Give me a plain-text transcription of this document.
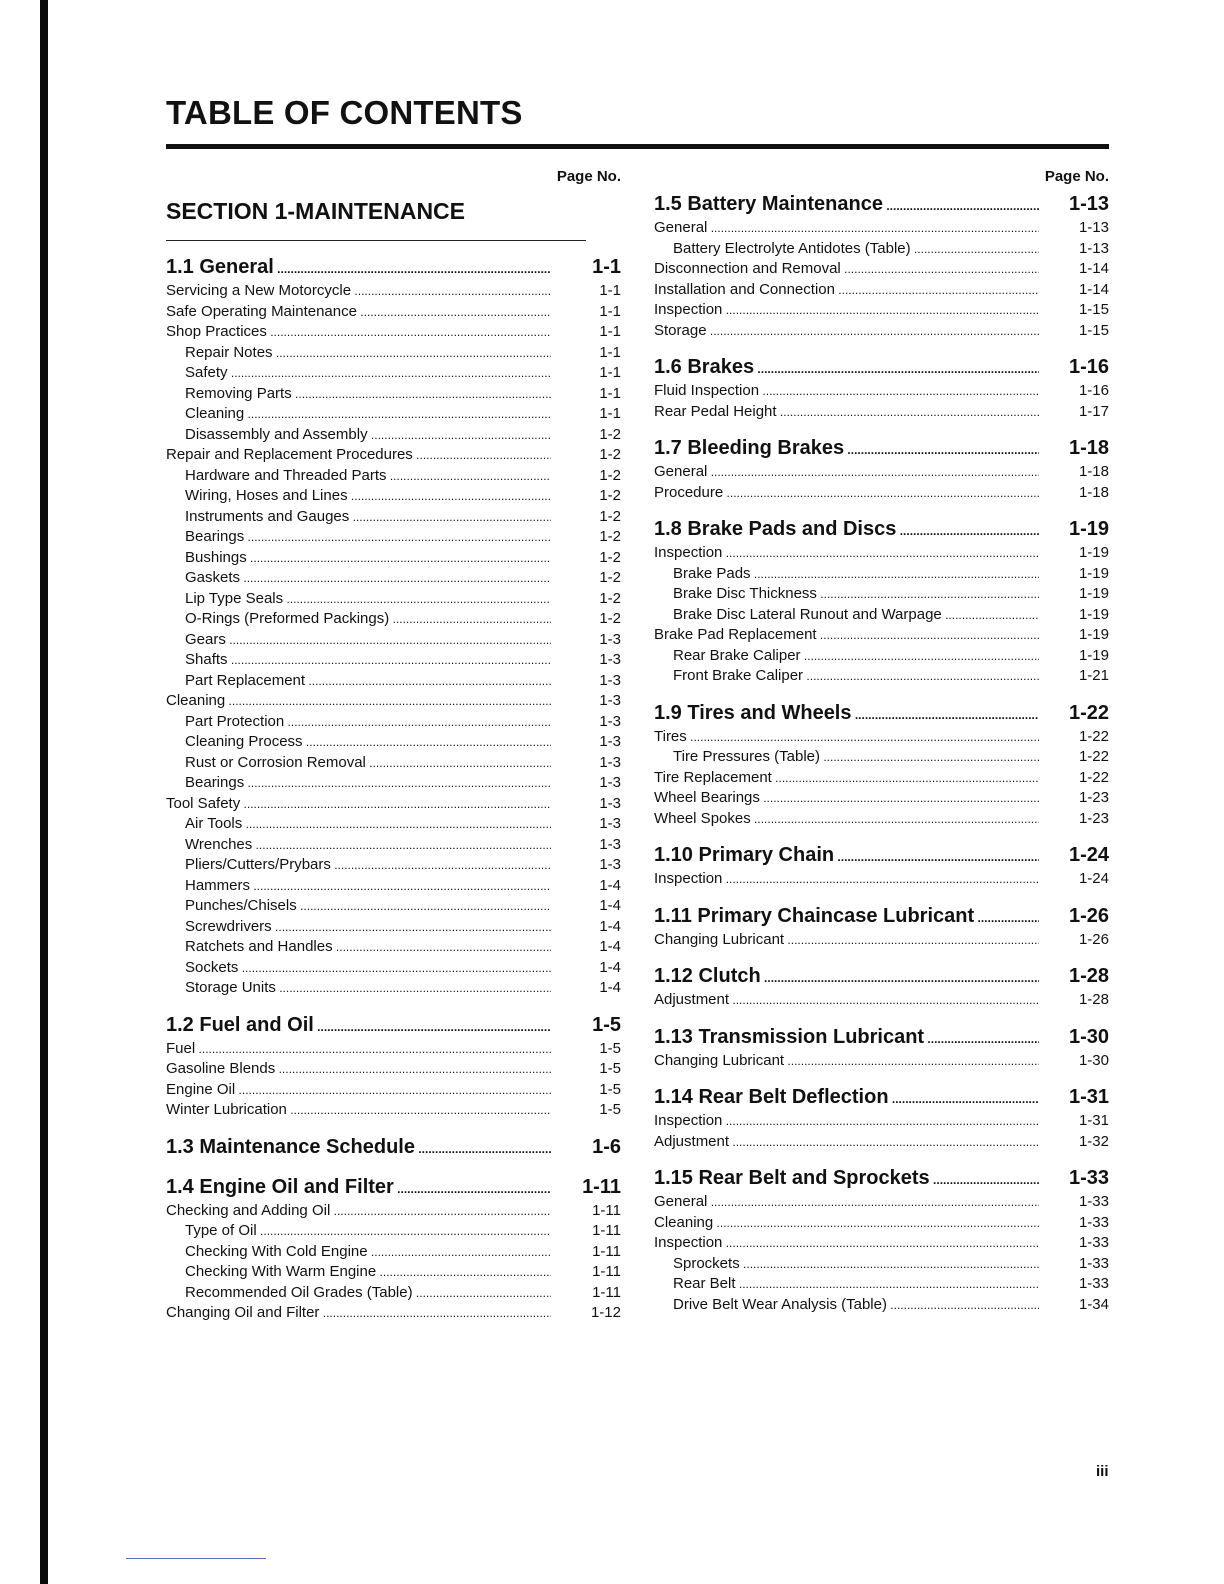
TABLE OF CONTENTS
Page No.
SECTION 1-MAINTENANCE
1.1 General .....	1-1
Servicing a New Motorcycle .....	1-1
Safe Operating Maintenance .....	1-1
Shop Practices .....	1-1
Repair Notes .....	1-1
Safety .....	1-1
Removing Parts .....	1-1
Cleaning .....	1-1
Disassembly and Assembly .....	1-2
Repair and Replacement Procedures .....	1-2
Hardware and Threaded Parts .....	1-2
Wiring, Hoses and Lines .....	1-2
Instruments and Gauges .....	1-2
Bearings .....	1-2
Bushings .....	1-2
Gaskets .....	1-2
Lip Type Seals .....	1-2
O-Rings (Preformed Packings) .....	1-2
Gears .....	1-3
Shafts .....	1-3
Part Replacement .....	1-3
Cleaning .....	1-3
Part Protection .....	1-3
Cleaning Process .....	1-3
Rust or Corrosion Removal .....	1-3
Bearings .....	1-3
Tool Safety .....	1-3
Air Tools .....	1-3
Wrenches .....	1-3
Pliers/Cutters/Prybars .....	1-3
Hammers .....	1-4
Punches/Chisels .....	1-4
Screwdrivers .....	1-4
Ratchets and Handles .....	1-4
Sockets .....	1-4
Storage Units .....	1-4
1.2 Fuel and Oil .....	1-5
Fuel .....	1-5
Gasoline Blends .....	1-5
Engine Oil .....	1-5
Winter Lubrication .....	1-5
1.3 Maintenance Schedule .....	1-6
1.4 Engine Oil and Filter .....	1-11
Checking and Adding Oil .....	1-11
Type of Oil .....	1-11
Checking With Cold Engine .....	1-11
Checking With Warm Engine .....	1-11
Recommended Oil Grades (Table) .....	1-11
Changing Oil and Filter .....	1-12
Page No.
1.5 Battery Maintenance .....	1-13
General .....	1-13
Battery Electrolyte Antidotes (Table) .....	1-13
Disconnection and Removal .....	1-14
Installation and Connection .....	1-14
Inspection .....	1-15
Storage .....	1-15
1.6 Brakes .....	1-16
Fluid Inspection .....	1-16
Rear Pedal Height .....	1-17
1.7 Bleeding Brakes .....	1-18
General .....	1-18
Procedure .....	1-18
1.8 Brake Pads and Discs .....	1-19
Inspection .....	1-19
Brake Pads .....	1-19
Brake Disc Thickness .....	1-19
Brake Disc Lateral Runout and Warpage .....	1-19
Brake Pad Replacement .....	1-19
Rear Brake Caliper .....	1-19
Front Brake Caliper .....	1-21
1.9 Tires and Wheels .....	1-22
Tires .....	1-22
Tire Pressures (Table) .....	1-22
Tire Replacement .....	1-22
Wheel Bearings .....	1-23
Wheel Spokes .....	1-23
1.10 Primary Chain .....	1-24
Inspection .....	1-24
1.11 Primary Chaincase Lubricant .....	1-26
Changing Lubricant .....	1-26
1.12 Clutch .....	1-28
Adjustment .....	1-28
1.13 Transmission Lubricant .....	1-30
Changing Lubricant .....	1-30
1.14 Rear Belt Deflection .....	1-31
Inspection .....	1-31
Adjustment .....	1-32
1.15 Rear Belt and Sprockets .....	1-33
General .....	1-33
Cleaning .....	1-33
Inspection .....	1-33
Sprockets .....	1-33
Rear Belt .....	1-33
Drive Belt Wear Analysis (Table) .....	1-34
iii
